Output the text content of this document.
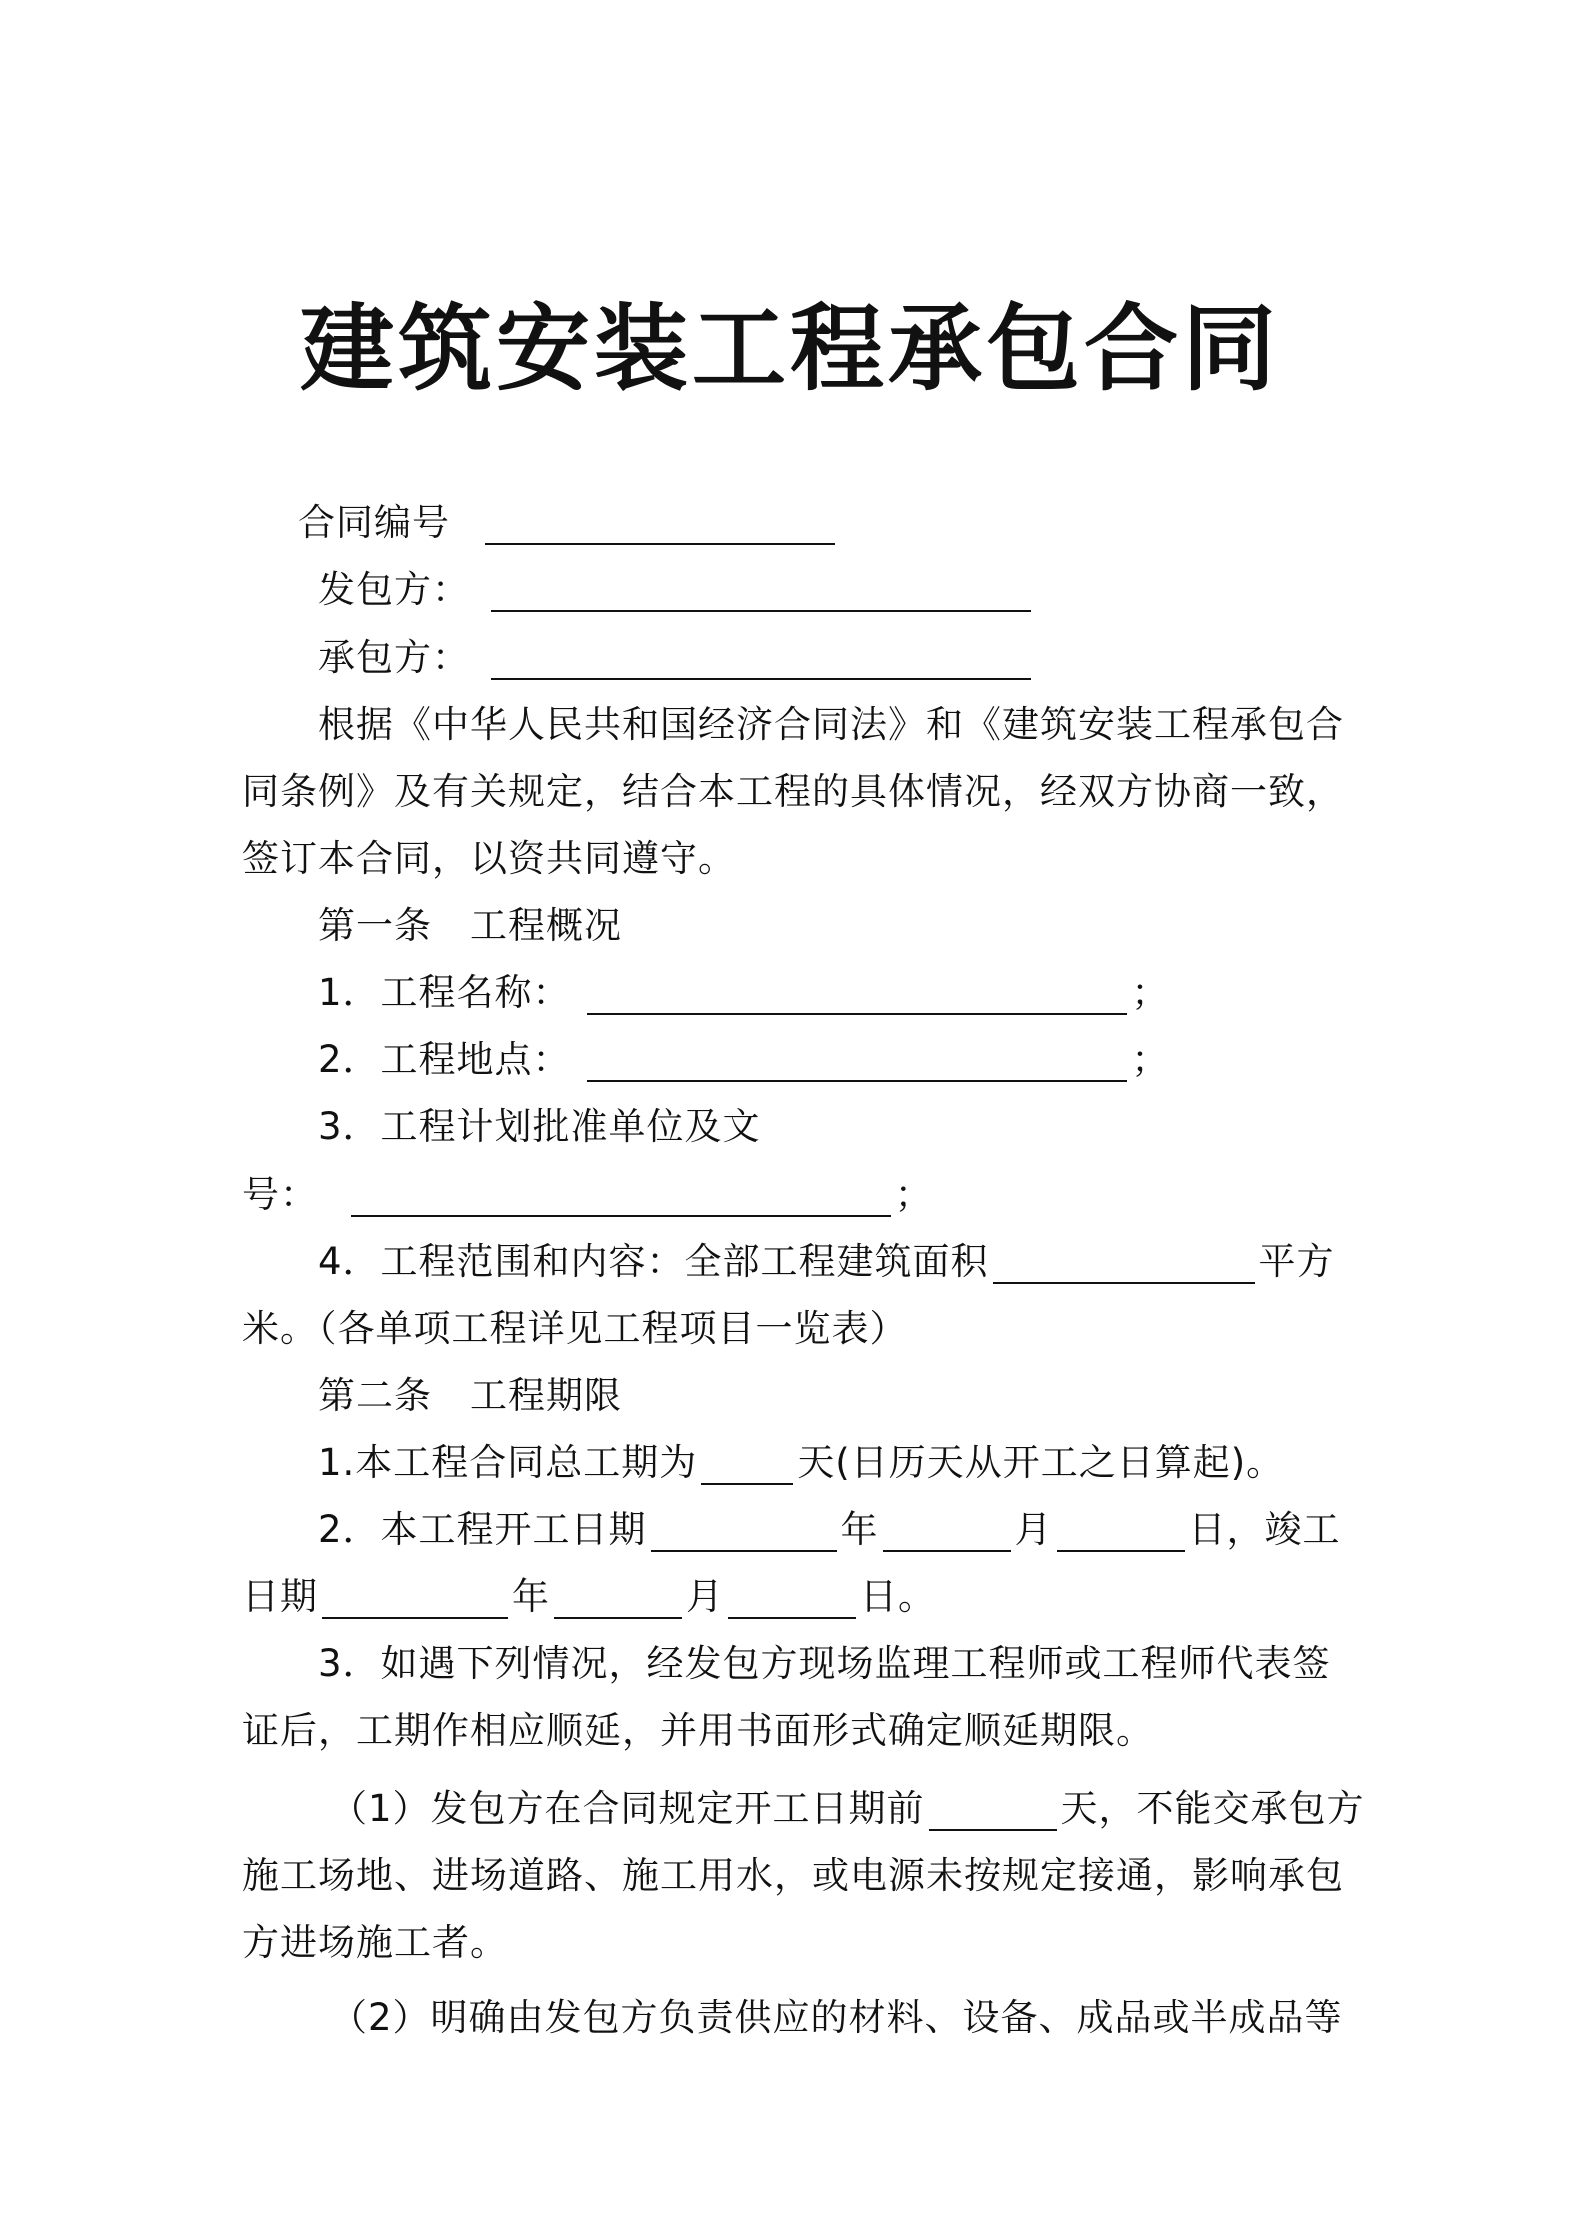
建筑安装工程承包合同
合同编号
发包方：
承包方：
根据《中华人民共和国经济合同法》和《建筑安装工程承包合
同条例》及有关规定，结合本工程的具体情况，经双方协商一致，
签订本合同，以资共同遵守。
第一条　工程概况
1．工程名称：	；
2．工程地点：	；
3．工程计划批准单位及文
号：	；
4．工程范围和内容：全部工程建筑面积	平方
米。（各单项工程详见工程项目一览表）
第二条　工程期限
1.本工程合同总工期为	天(日历天从开工之日算起)。
2．本工程开工日期	年	月	日，竣工
日期	年	月	日。
3．如遇下列情况，经发包方现场监理工程师或工程师代表签
证后，工期作相应顺延，并用书面形式确定顺延期限。
（1）发包方在合同规定开工日期前	天，不能交承包方
施工场地、进场道路、施工用水，或电源未按规定接通，影响承包
方进场施工者。
（2）明确由发包方负责供应的材料、设备、成品或半成品等
